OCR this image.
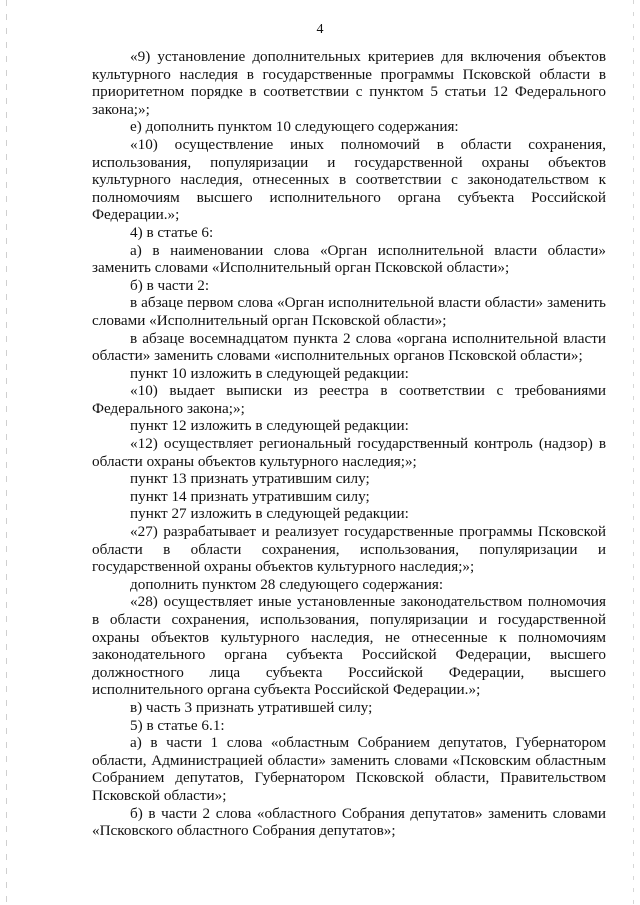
4

«9) установление дополнительных критериев для включения объектов культурного наследия в государственные программы Псковской области в приоритетном порядке в соответствии с пунктом 5 статьи 12 Федерального закона;»;

е) дополнить пунктом 10 следующего содержания:

«10) осуществление иных полномочий в области сохранения, использования, популяризации и государственной охраны объектов культурного наследия, отнесенных в соответствии с законодательством к полномочиям высшего исполнительного органа субъекта Российской Федерации.»;

4) в статье 6:

а) в наименовании слова «Орган исполнительной власти области» заменить словами «Исполнительный орган Псковской области»;

б) в части 2:

в абзаце первом слова «Орган исполнительной власти области» заменить словами «Исполнительный орган Псковской области»;

в абзаце восемнадцатом пункта 2 слова «органа исполнительной власти области» заменить словами «исполнительных органов Псковской области»;

пункт 10 изложить в следующей редакции:

«10) выдает выписки из реестра в соответствии с требованиями Федерального закона;»;

пункт 12 изложить в следующей редакции:

«12) осуществляет региональный государственный контроль (надзор) в области охраны объектов культурного наследия;»;

пункт 13 признать утратившим силу;

пункт 14 признать утратившим силу;

пункт 27 изложить в следующей редакции:

«27) разрабатывает и реализует государственные программы Псковской области в области сохранения, использования, популяризации и государственной охраны объектов культурного наследия;»;

дополнить пунктом 28 следующего содержания:

«28) осуществляет иные установленные законодательством полномочия в области сохранения, использования, популяризации и государственной охраны объектов культурного наследия, не отнесенные к полномочиям законодательного органа субъекта Российской Федерации, высшего должностного лица субъекта Российской Федерации, высшего исполнительного органа субъекта Российской Федерации.»;

в) часть 3 признать утратившей силу;

5) в статье 6.1:

а) в части 1 слова «областным Собранием депутатов, Губернатором области, Администрацией области» заменить словами «Псковским областным Собранием депутатов, Губернатором Псковской области, Правительством Псковской области»;

б) в части 2 слова «областного Собрания депутатов» заменить словами «Псковского областного Собрания депутатов»;
